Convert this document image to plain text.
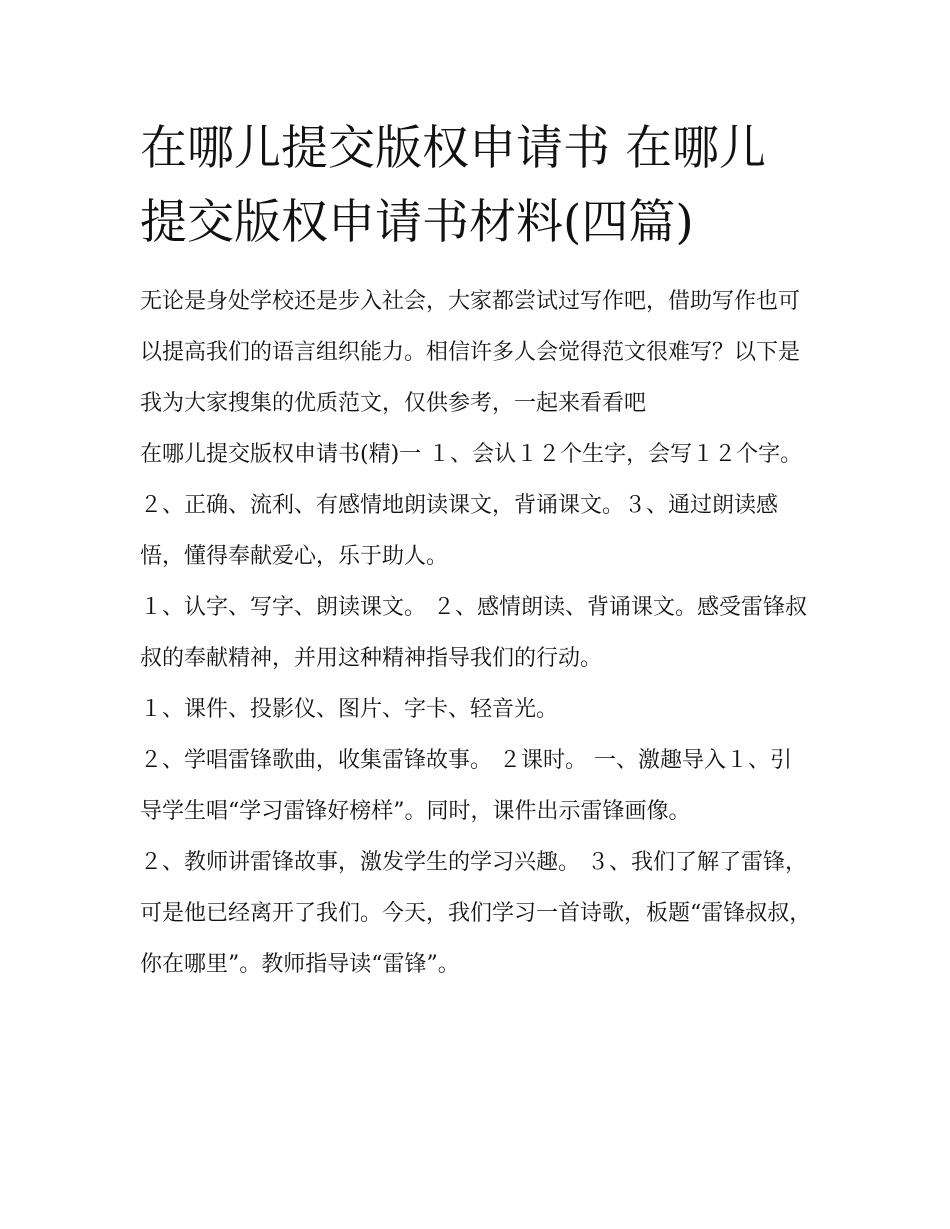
在哪儿提交版权申请书 在哪儿提交版权申请书材料(四篇)

无论是身处学校还是步入社会，大家都尝试过写作吧，借助写作也可以提高我们的语言组织能力。相信许多人会觉得范文很难写？以下是我为大家搜集的优质范文，仅供参考，一起来看看吧

在哪儿提交版权申请书(精)一 １、会认１２个生字，会写１２个字。 ２、正确、流利、有感情地朗读课文，背诵课文。３、通过朗读感悟，懂得奉献爱心，乐于助人。

１、认字、写字、朗读课文。 ２、感情朗读、背诵课文。感受雷锋叔叔的奉献精神，并用这种精神指导我们的行动。

１、课件、投影仪、图片、字卡、轻音光。

２、学唱雷锋歌曲，收集雷锋故事。 ２课时。 一、激趣导入１、引导学生唱“学习雷锋好榜样”。同时，课件出示雷锋画像。

２、教师讲雷锋故事，激发学生的学习兴趣。 ３、我们了解了雷锋，可是他已经离开了我们。今天，我们学习一首诗歌，板题“雷锋叔叔，你在哪里”。教师指导读“雷锋”。
